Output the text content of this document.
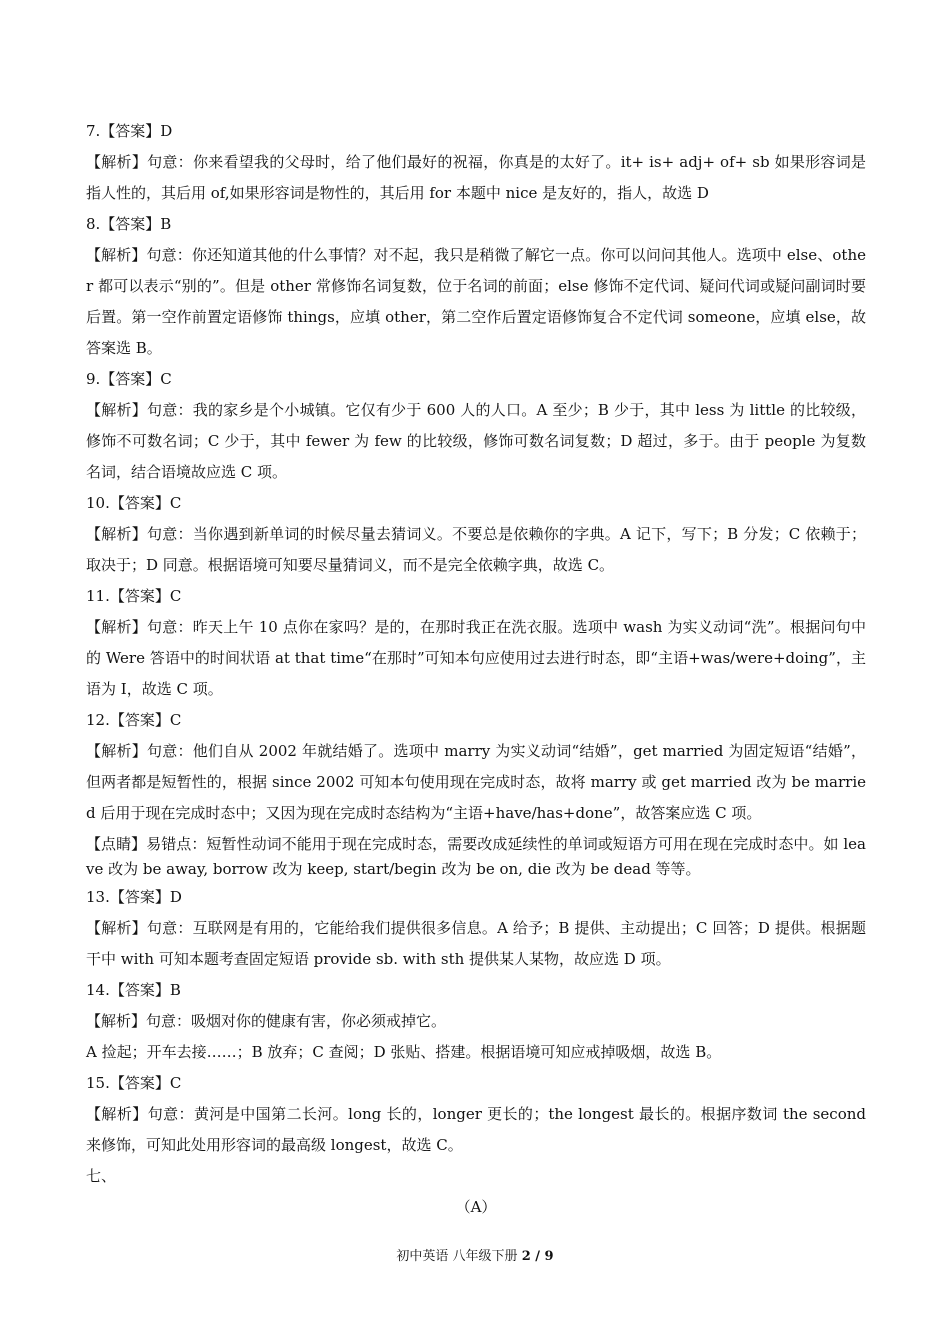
7.【答案】D

【解析】句意：你来看望我的父母时，给了他们最好的祝福，你真是的太好了。it+ is+ adj+ of+ sb 如果形容词是指人性的，其后用 of,如果形容词是物性的，其后用 for 本题中 nice 是友好的，指人，故选 D

8.【答案】B

【解析】句意：你还知道其他的什么事情？对不起，我只是稍微了解它一点。你可以问问其他人。选项中 else、other 都可以表示“别的”。但是 other 常修饰名词复数，位于名词的前面；else 修饰不定代词、疑问代词或疑问副词时要后置。第一空作前置定语修饰 things，应填 other，第二空作后置定语修饰复合不定代词 someone，应填 else，故答案选 B。

9.【答案】C

【解析】句意：我的家乡是个小城镇。它仅有少于 600 人的人口。A 至少；B 少于，其中 less 为 little 的比较级，修饰不可数名词；C 少于，其中 fewer 为 few 的比较级，修饰可数名词复数；D 超过，多于。由于 people 为复数名词，结合语境故应选 C 项。

10.【答案】C

【解析】句意：当你遇到新单词的时候尽量去猜词义。不要总是依赖你的字典。A 记下，写下；B 分发；C 依赖于；取决于；D 同意。根据语境可知要尽量猜词义，而不是完全依赖字典，故选 C。

11.【答案】C

【解析】句意：昨天上午 10 点你在家吗？是的，在那时我正在洗衣服。选项中 wash 为实义动词“洗”。根据问句中的 Were 答语中的时间状语 at that time“在那时”可知本句应使用过去进行时态，即“主语+was/were+doing”，主语为 I，故选 C 项。

12.【答案】C

【解析】句意：他们自从 2002 年就结婚了。选项中 marry 为实义动词“结婚”，get married 为固定短语“结婚”，但两者都是短暂性的，根据 since 2002 可知本句使用现在完成时态，故将 marry 或 get married 改为 be married 后用于现在完成时态中；又因为现在完成时态结构为“主语+have/has+done”，故答案应选 C 项。

【点睛】易错点：短暂性动词不能用于现在完成时态，需要改成延续性的单词或短语方可用在现在完成时态中。如 leave 改为 be away, borrow 改为 keep, start/begin 改为 be on, die 改为 be dead 等等。

13.【答案】D

【解析】句意：互联网是有用的，它能给我们提供很多信息。A 给予；B 提供、主动提出；C 回答；D 提供。根据题干中 with 可知本题考查固定短语 provide sb. with sth 提供某人某物，故应选 D 项。

14.【答案】B

【解析】句意：吸烟对你的健康有害，你必须戒掉它。

A 捡起；开车去接……；B 放弃；C 查阅；D 张贴、搭建。根据语境可知应戒掉吸烟，故选 B。

15.【答案】C

【解析】句意：黄河是中国第二长河。long 长的，longer 更长的；the longest 最长的。根据序数词 the second 来修饰，可知此处用形容词的最高级 longest，故选 C。

七、

（A）

初中英语 八年级下册 2 / 9
